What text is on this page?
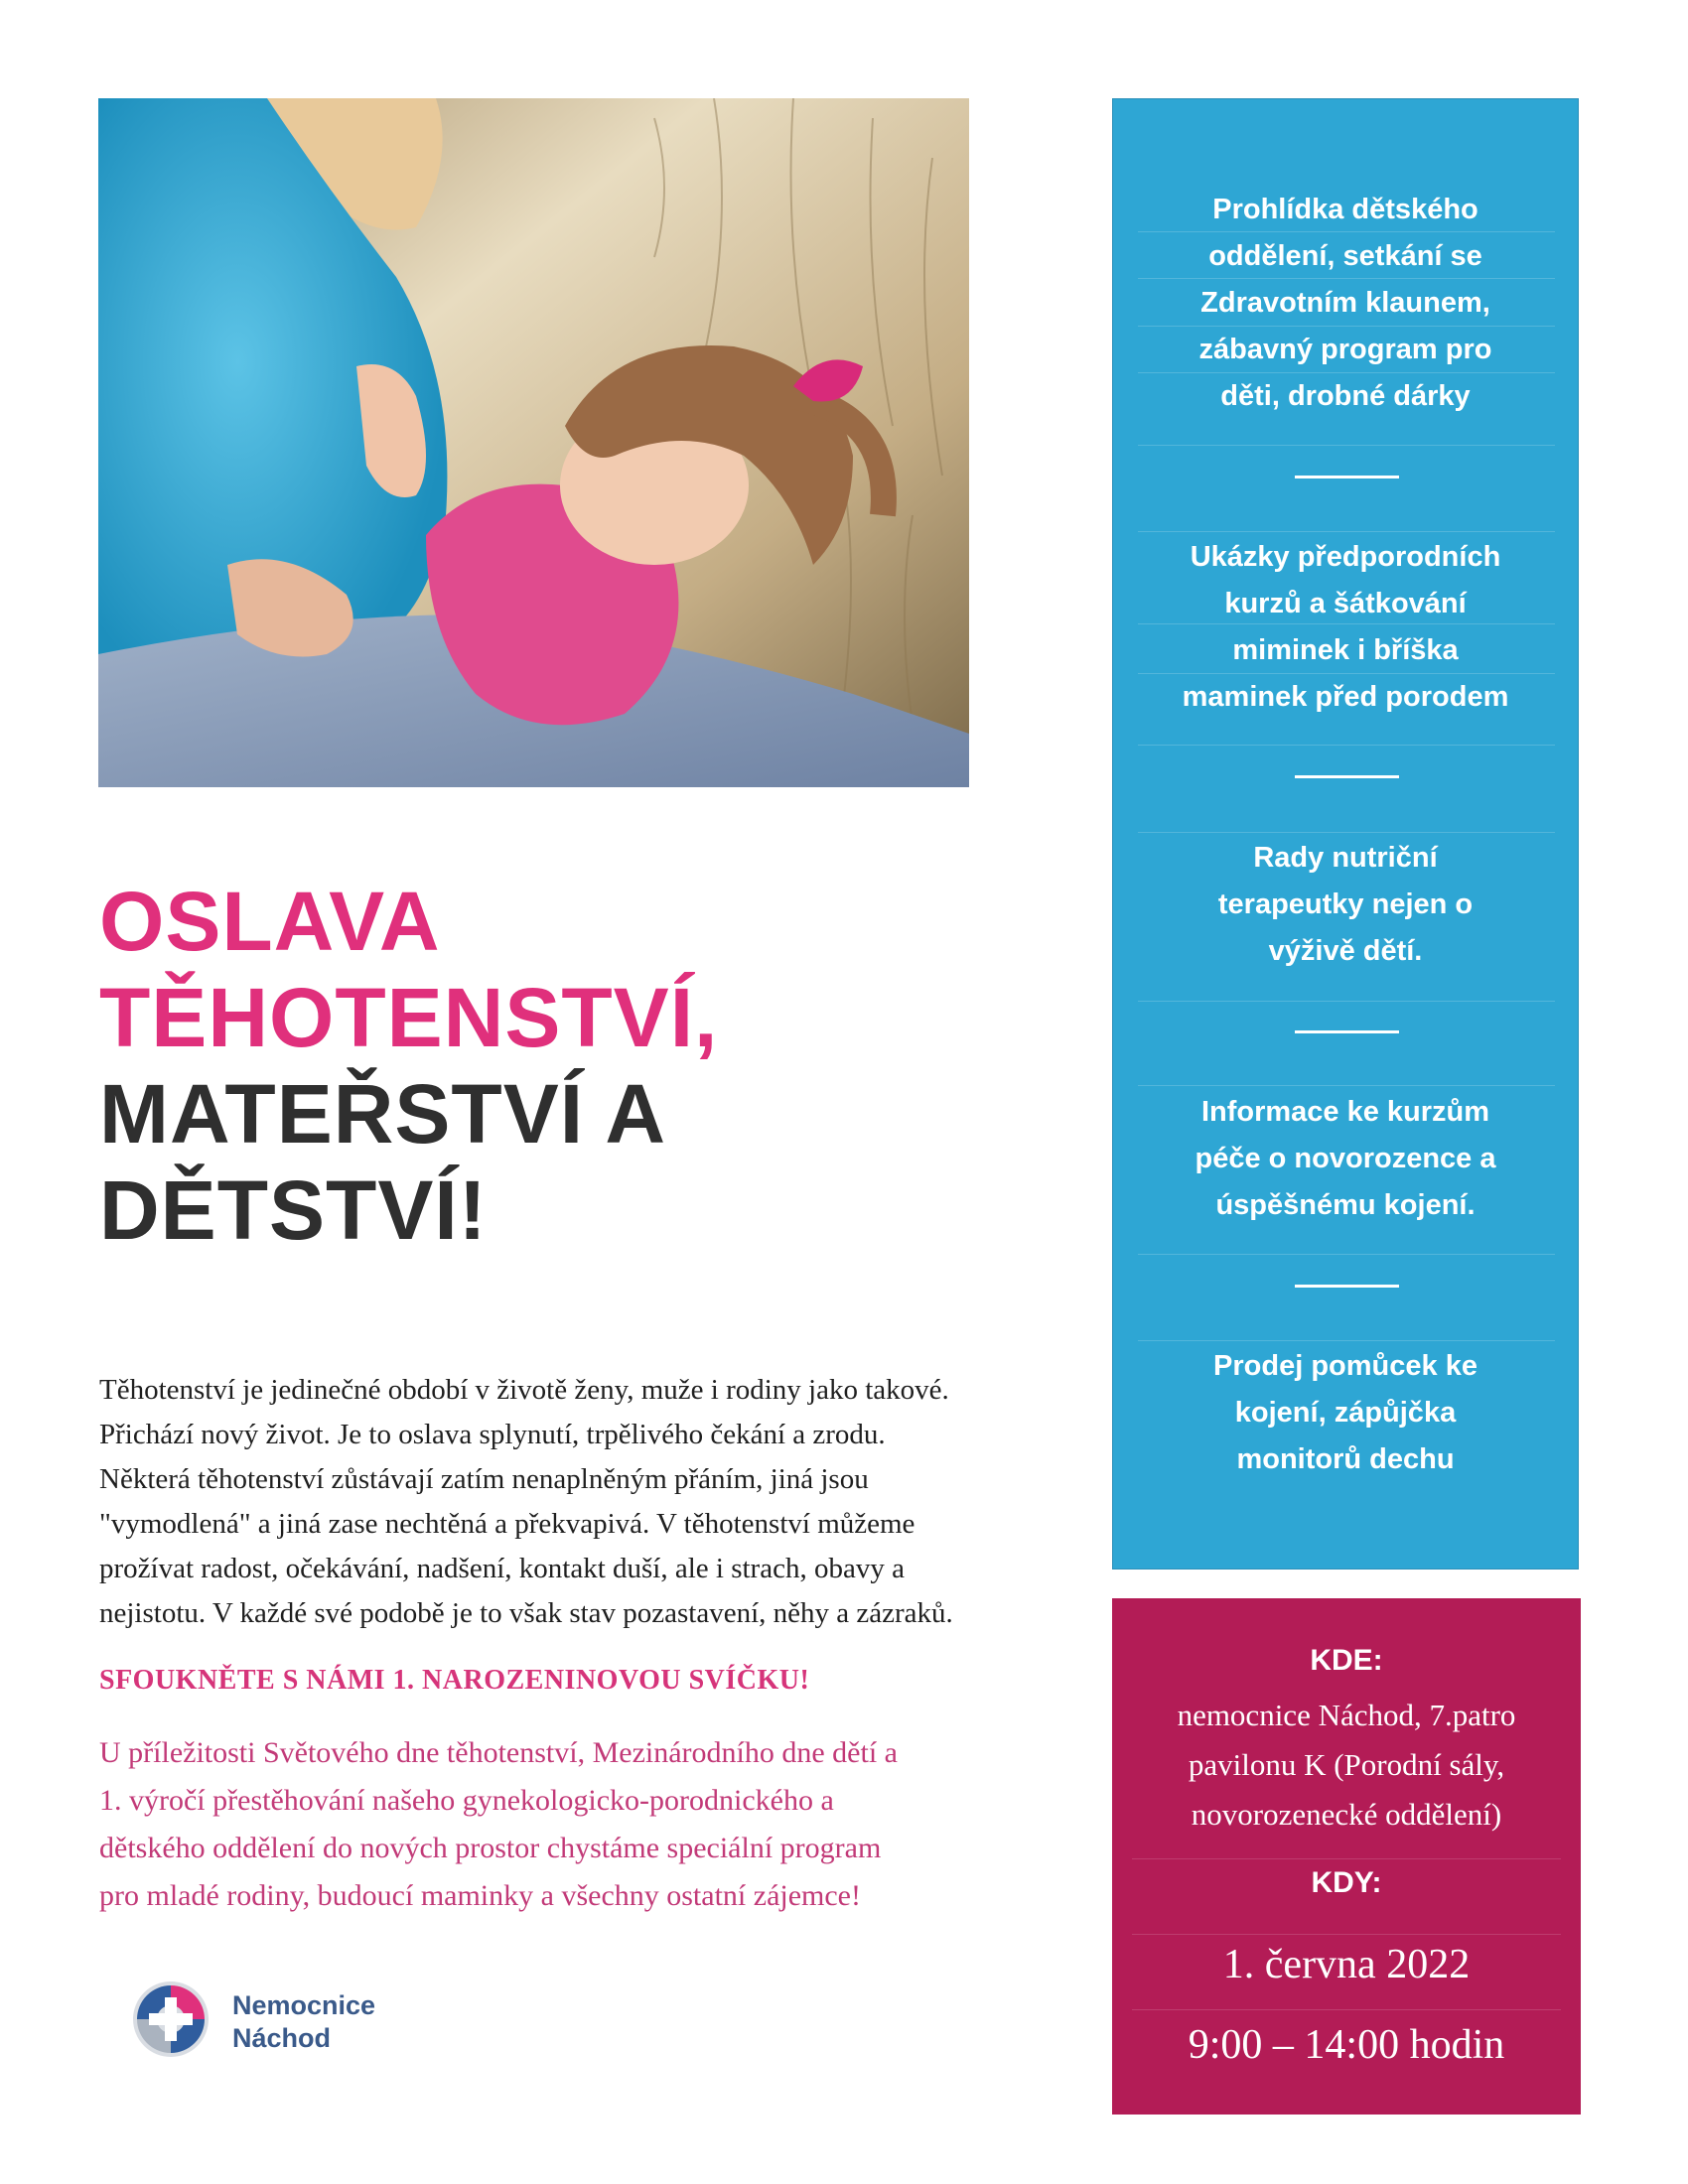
OSLAVA
TĚHOTENSTVÍ,
MATEŘSTVÍ A
DĚTSTVÍ!
Těhotenství je jedinečné období v životě ženy, muže i rodiny jako takové.
Přichází nový život. Je to oslava splynutí, trpělivého čekání a zrodu.
Některá těhotenství zůstávají zatím nenaplněným přáním, jiná jsou
"vymodlená" a jiná zase nechtěná a překvapivá. V těhotenství můžeme
prožívat radost, očekávání, nadšení, kontakt duší, ale i strach, obavy a
nejistotu. V každé své podobě je to však stav pozastavení, něhy a zázraků.
SFOUKNĚTE S NÁMI 1. NAROZENINOVOU SVÍČKU!
U příležitosti Světového dne těhotenství, Mezinárodního dne dětí a
1. výročí přestěhování našeho gynekologicko-porodnického a
dětského oddělení do nových prostor chystáme speciální program
pro mladé rodiny, budoucí maminky a všechny ostatní zájemce!
Nemocnice
Náchod
Prohlídka dětského
oddělení, setkání se
Zdravotním klaunem,
zábavný program pro
děti, drobné dárky
Ukázky předporodních
kurzů a šátkování
miminek i bříška
maminek před porodem
Rady nutriční
terapeutky nejen o
výživě dětí.
Informace ke kurzům
péče o novorozence a
úspěšnému kojení.
Prodej pomůcek ke
kojení, zápůjčka
monitorů dechu
KDE:
nemocnice Náchod, 7.patro
pavilonu K (Porodní sály,
novorozenecké oddělení)
KDY:
1. června 2022
9:00 – 14:00 hodin
